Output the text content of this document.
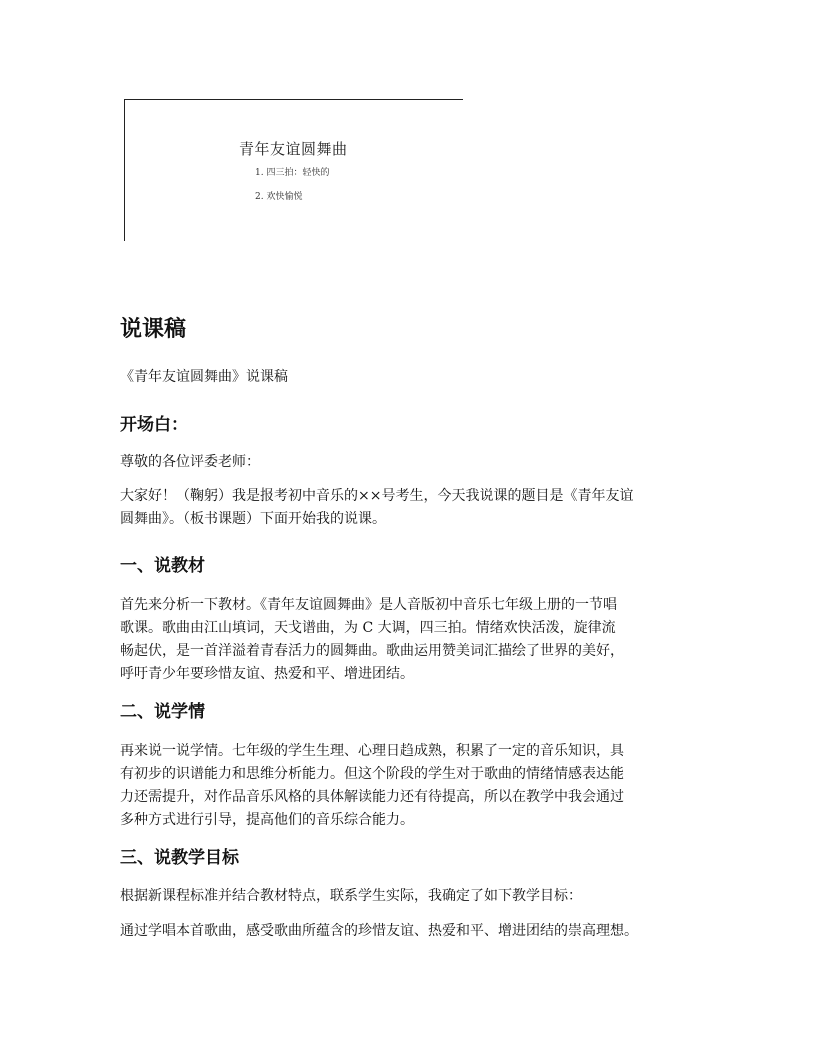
青年友谊圆舞曲
1. 四三拍：轻快的
2. 欢快愉悦
说课稿

《青年友谊圆舞曲》说课稿

开场白：

尊敬的各位评委老师：

大家好！（鞠躬）我是报考初中音乐的××号考生，今天我说课的题目是《青年友谊

圆舞曲》。（板书课题）下面开始我的说课。

一、说教材

首先来分析一下教材。《青年友谊圆舞曲》是人音版初中音乐七年级上册的一节唱

歌课。歌曲由江山填词，天戈谱曲，为 C 大调，四三拍。情绪欢快活泼，旋律流

畅起伏，是一首洋溢着青春活力的圆舞曲。歌曲运用赞美词汇描绘了世界的美好，

呼吁青少年要珍惜友谊、热爱和平、增进团结。

二、说学情

再来说一说学情。七年级的学生生理、心理日趋成熟，积累了一定的音乐知识，具

有初步的识谱能力和思维分析能力。但这个阶段的学生对于歌曲的情绪情感表达能

力还需提升，对作品音乐风格的具体解读能力还有待提高，所以在教学中我会通过

多种方式进行引导，提高他们的音乐综合能力。

三、说教学目标

根据新课程标准并结合教材特点，联系学生实际，我确定了如下教学目标：

通过学唱本首歌曲，感受歌曲所蕴含的珍惜友谊、热爱和平、增进团结的崇高理想。
